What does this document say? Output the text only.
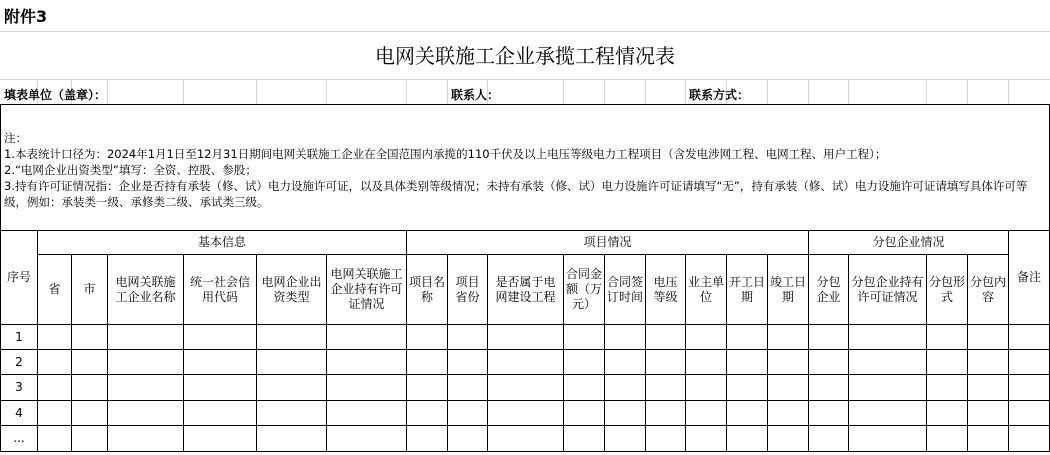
附件3
电网关联施工企业承揽工程情况表
填表单位（盖章）：	联系人：	联系方式：
注：
1.本表统计口径为：2024年1月1日至12月31日期间电网关联施工企业在全国范围内承揽的110千伏及以上电压等级电力工程项目（含发电涉网工程、电网工程、用户工程）；
2.“电网企业出资类型”填写：全资、控股、参股；
3.持有许可证情况指：企业是否持有承装（修、试）电力设施许可证，以及具体类别等级情况；未持有承装（修、试）电力设施许可证请填写“无”，持有承装（修、试）电力设施许可证请填写具体许可等级，例如：承装类一级、承修类二级、承试类三级。
序号	基本信息						项目情况									分包企业情况				备注
	省	市	电网关联施工企业名称	统一社会信用代码	电网企业出资类型	电网关联施工企业持有许可证情况	项目名称	项目省份	是否属于电网建设工程	合同金额（万元）	合同签订时间	电压等级	业主单位	开工日期	竣工日期	分包企业	分包企业持有许可证情况	分包形式	分包内容	
1																				
2																				
3																				
4																				
...																				
